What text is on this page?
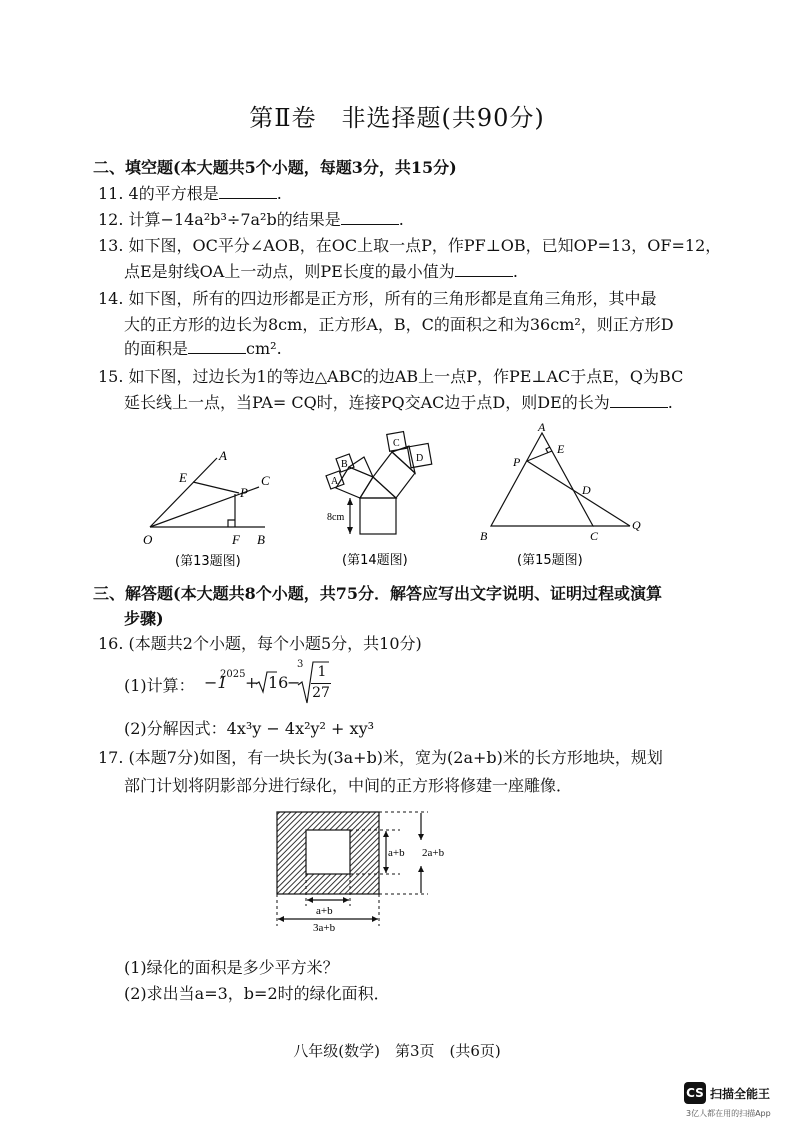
第Ⅱ卷　非选择题(共90分)
二、填空题(本大题共5个小题，每题3分，共15分)
11. 4的平方根是	.
12. 计算−14a²b³÷7a²b的结果是	.
13. 如下图，OC平分∠AOB，在OC上取一点P，作PF⊥OB，已知OP=13，OF=12，
点E是射线OA上一动点，则PE长度的最小值为	.
14. 如下图，所有的四边形都是正方形，所有的三角形都是直角三角形，其中最
大的正方形的边长为8cm，正方形A，B，C的面积之和为36cm²，则正方形D
的面积是	cm².
15. 如下图，过边长为1的等边△ABC的边AB上一点P，作PE⊥AC于点E，Q为BC
延长线上一点，当PA= CQ时，连接PQ交AC边于点D，则DE的长为	.
A
E	C
P
O	F B
(第13题图)
B
A
C
D
8cm
(第14题图)
A
E
P
D
B	C
Q
(第15题图)
三、解答题(本大题共8个小题，共75分．解答应写出文字说明、证明过程或演算
步骤)
16. (本题共2个小题，每个小题5分，共10分)
(1)计算： −1
2025 + 16
−
3	1
27
(2)分解因式：4x³y − 4x²y² + xy³
17. (本题7分)如图，有一块长为(3a+b)米，宽为(2a+b)米的长方形地块，规划
部门计划将阴影部分进行绿化，中间的正方形将修建一座雕像．
a+b 2a+b
a+b
3a+b
(1)绿化的面积是多少平方米？
(2)求出当a=3，b=2时的绿化面积．
八年级(数学)　第3页　(共6页)
CS 扫描全能王
3亿人都在用的扫描App
